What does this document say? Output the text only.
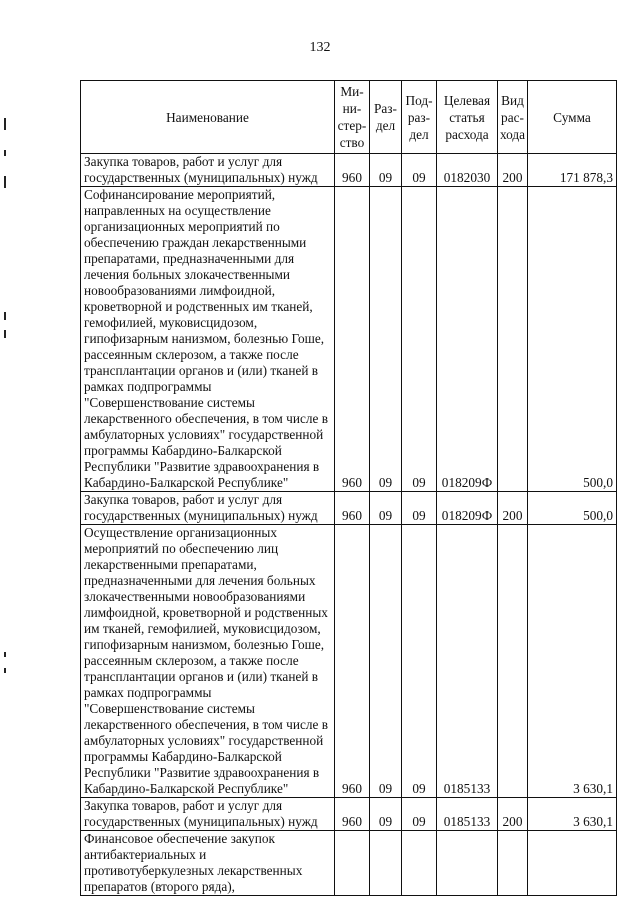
132
Наименование	Ми-ни-стер-ство	Раз-дел	Под-раз-дел	Целевая статья расхода	Вид рас-хода	Сумма
Закупка товаров, работ и услуг для государственных (муниципальных) нужд	960	09	09	0182030	200	171 878,3
Софинансирование мероприятий, направленных на осуществление организационных мероприятий по обеспечению граждан лекарственными препаратами, предназначенными для лечения больных злокачественными новообразованиями лимфоидной, кроветворной и родственных им тканей, гемофилией, муковисцидозом, гипофизарным нанизмом, болезнью Гоше, рассеянным склерозом, а также после трансплантации органов и (или) тканей в рамках подпрограммы "Совершенствование системы лекарственного обеспечения, в том числе в амбулаторных условиях" государственной программы Кабардино-Балкарской Республики "Развитие здравоохранения в Кабардино-Балкарской Республике"	960	09	09	018209Ф		500,0
Закупка товаров, работ и услуг для государственных (муниципальных) нужд	960	09	09	018209Ф	200	500,0
Осуществление организационных мероприятий по обеспечению лиц лекарственными препаратами, предназначенными для лечения больных злокачественными новообразованиями лимфоидной, кроветворной и родственных им тканей, гемофилией, муковисцидозом, гипофизарным нанизмом, болезнью Гоше, рассеянным склерозом, а также после трансплантации органов и (или) тканей в рамках подпрограммы "Совершенствование системы лекарственного обеспечения, в том числе в амбулаторных условиях" государственной программы Кабардино-Балкарской Республики "Развитие здравоохранения в Кабардино-Балкарской Республике"	960	09	09	0185133		3 630,1
Закупка товаров, работ и услуг для государственных (муниципальных) нужд	960	09	09	0185133	200	3 630,1
Финансовое обеспечение закупок антибактериальных и противотуберкулезных лекарственных препаратов (второго ряда),						
